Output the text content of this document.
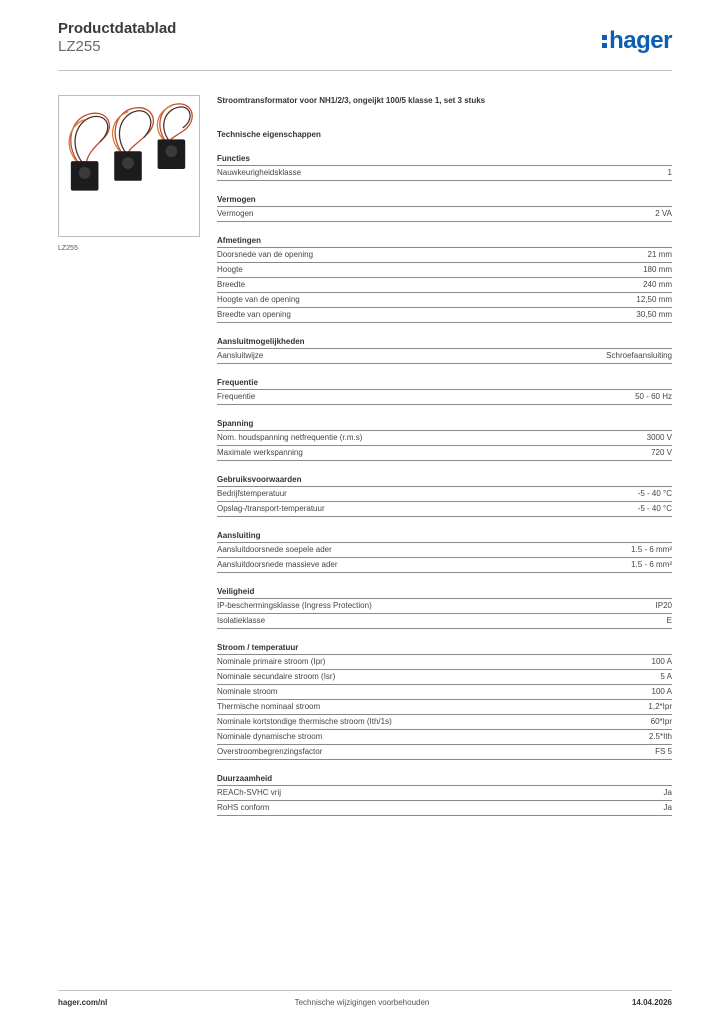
Productdatablad
LZ255	hager
LZ255
Stroomtransformator voor NH1/2/3, ongeijkt 100/5 klasse 1, set 3 stuks
Technische eigenschappen
Functies
Nauwkeurigheidsklasse	1
Vermogen
Vermogen	2 VA
Afmetingen
Doorsnede van de opening	21 mm
Hoogte	180 mm
Breedte	240 mm
Hoogte van de opening	12,50 mm
Breedte van opening	30,50 mm
Aansluitmogelijkheden
Aansluitwijze	Schroefaansluiting
Frequentie
Frequentie	50 - 60 Hz
Spanning
Nom. houdspanning netfrequentie (r.m.s)	3000 V
Maximale werkspanning	720 V
Gebruiksvoorwaarden
Bedrijfstemperatuur	-5 - 40 °C
Opslag-/transport-temperatuur	-5 - 40 °C
Aansluiting
Aansluitdoorsnede soepele ader	1.5 - 6 mm²
Aansluitdoorsnede massieve ader	1.5 - 6 mm²
Veiligheid
IP-beschermingsklasse (Ingress Protection)	IP20
Isolatieklasse	E
Stroom / temperatuur
Nominale primaire stroom (Ipr)	100 A
Nominale secundaire stroom (Isr)	5 A
Nominale stroom	100 A
Thermische nominaal stroom	1,2*Ipr
Nominale kortstondige thermische stroom (Ith/1s)	60*Ipr
Nominale dynamische stroom	2.5*Ith
Overstroombegrenzingsfactor	FS 5
Duurzaamheid
REACh-SVHC vrij	Ja
RoHS conform	Ja
hager.com/nl	Technische wijzigingen voorbehouden	14.04.2026
